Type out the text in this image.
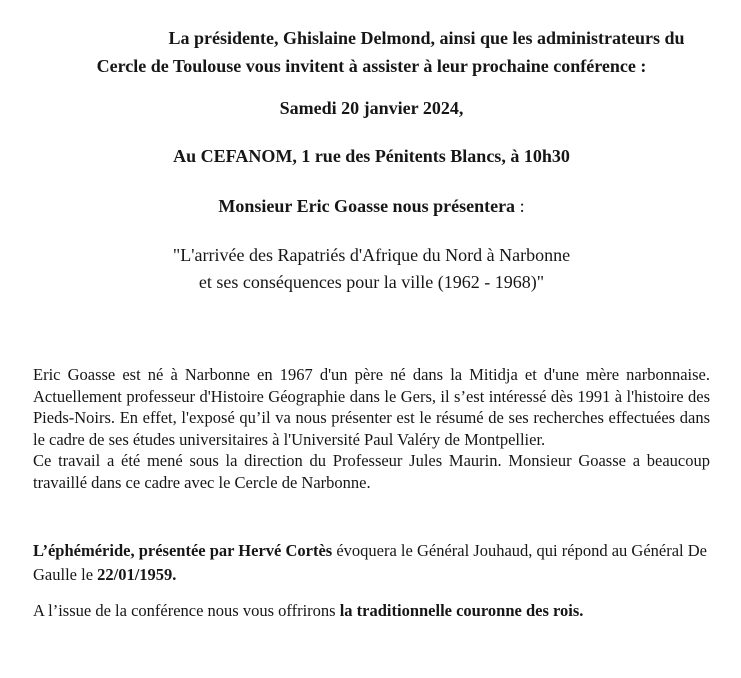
La présidente, Ghislaine Delmond, ainsi que les administrateurs du Cercle de Toulouse vous invitent à assister à leur prochaine conférence :

Samedi 20 janvier 2024,

Au CEFANOM, 1 rue des Pénitents Blancs, à 10h30

Monsieur Eric Goasse nous présentera :

"L'arrivée des Rapatriés d'Afrique du Nord à Narbonne
et ses conséquences pour la ville (1962 - 1968)"

Eric Goasse est né à Narbonne en 1967 d'un père né dans la Mitidja et d'une mère narbonnaise. Actuellement professeur d'Histoire Géographie dans le Gers, il s’est intéressé dès 1991 à l'histoire des Pieds-Noirs. En effet, l'exposé qu’il va nous présenter est le résumé de ses recherches effectuées dans le cadre de ses études universitaires à l'Université Paul Valéry de Montpellier.

Ce travail a été mené sous la direction du Professeur Jules Maurin. Monsieur Goasse a beaucoup travaillé dans ce cadre avec le Cercle de Narbonne.

L’éphéméride, présentée par Hervé Cortès évoquera le Général Jouhaud, qui répond au Général De Gaulle le 22/01/1959.

A l’issue de la conférence nous vous offrirons la traditionnelle couronne des rois.
